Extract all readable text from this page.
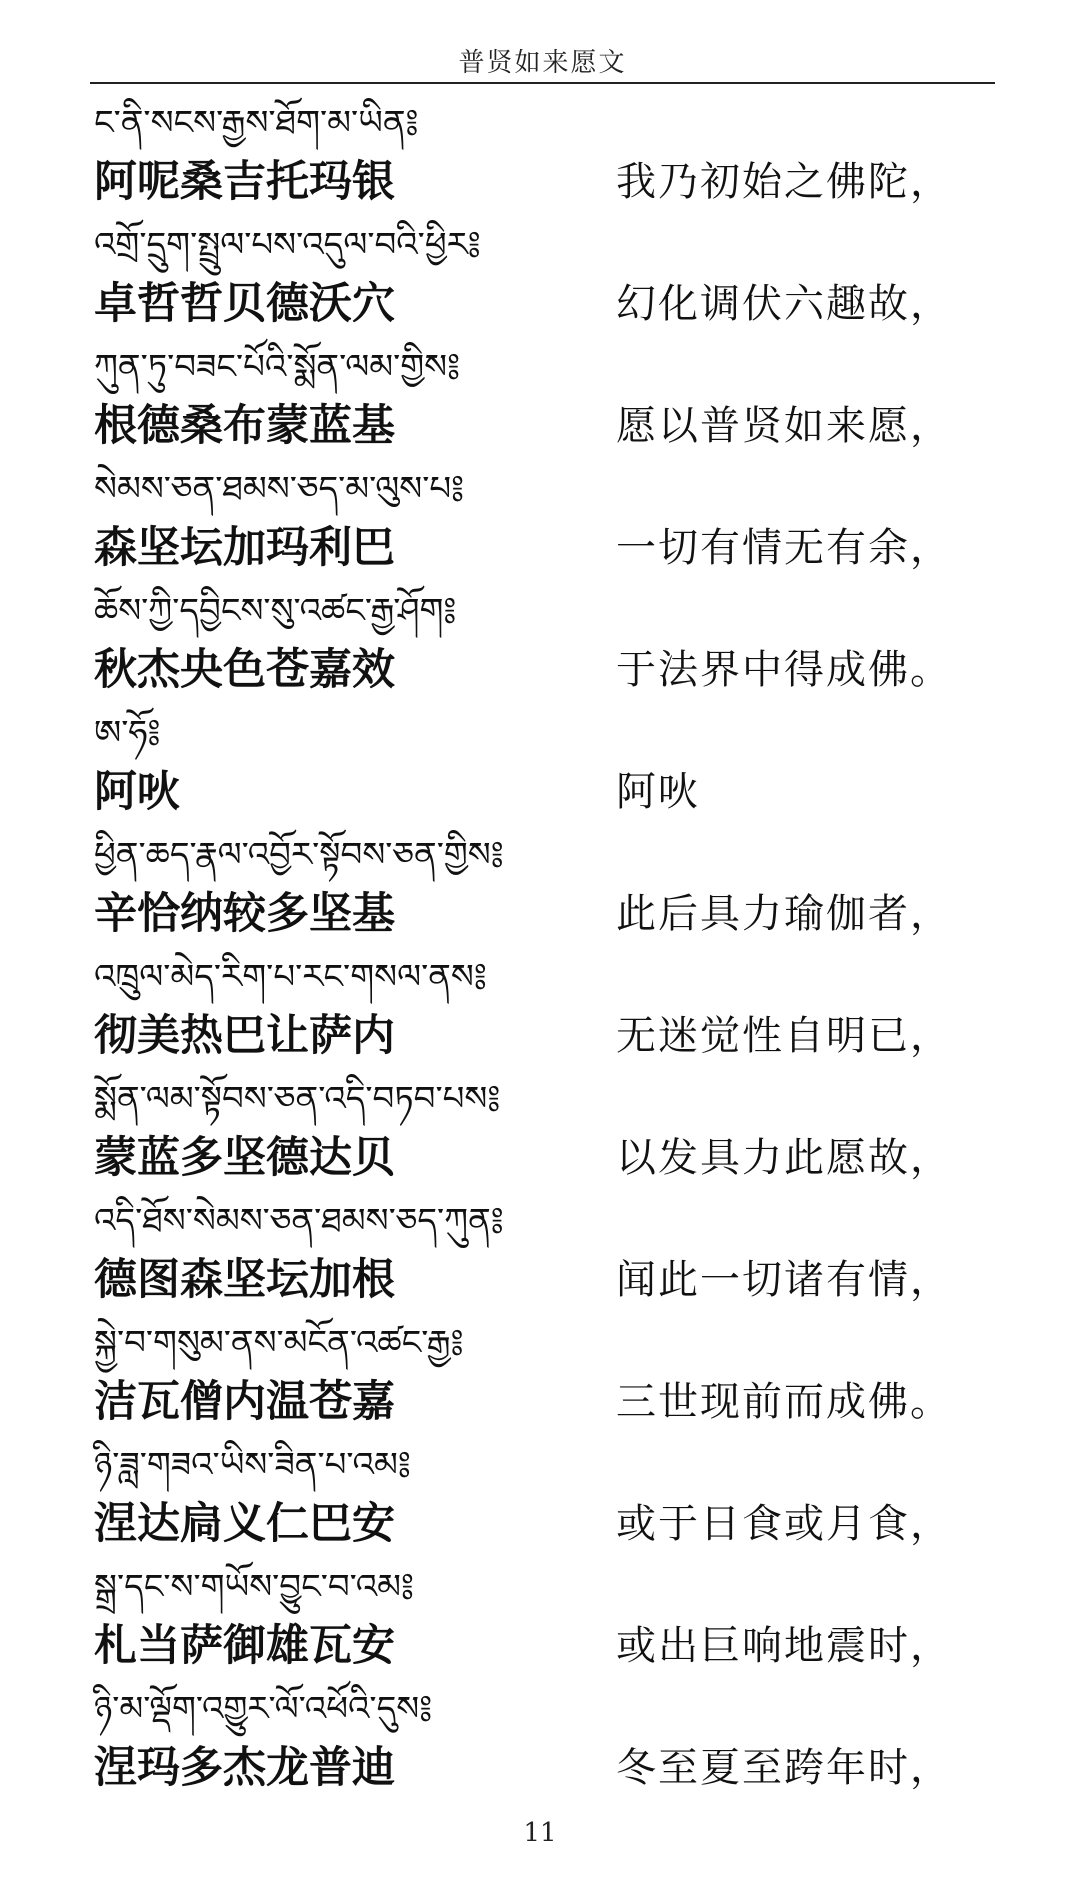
普贤如来愿文
ང་ནི་སངས་རྒྱས་ཐོག་མ་ཡིན༔
阿呢桑吉托玛银	我乃初始之佛陀，
འགྲོ་དྲུག་སྤྲུལ་པས་འདུལ་བའི་ཕྱིར༔
卓哲哲贝德沃穴	幻化调伏六趣故，
ཀུན་ཏུ་བཟང་པོའི་སྨོན་ལམ་གྱིས༔
根德桑布蒙蓝基	愿以普贤如来愿，
སེམས་ཅན་ཐམས་ཅད་མ་ལུས་པ༔
森坚坛加玛利巴	一切有情无有余，
ཆོས་ཀྱི་དབྱིངས་སུ་འཚང་རྒྱ་ཤོག༔
秋杰央色苍嘉效	于法界中得成佛。
ཨ་ཧོ༔
阿吙	阿吙
ཕྱིན་ཆད་རྣལ་འབྱོར་སྟོབས་ཅན་གྱིས༔
辛恰纳较多坚基	此后具力瑜伽者，
འཁྲུལ་མེད་རིག་པ་རང་གསལ་ནས༔
彻美热巴让萨内	无迷觉性自明已，
སྨོན་ལམ་སྟོབས་ཅན་འདི་བཏབ་པས༔
蒙蓝多坚德达贝	以发具力此愿故，
འདི་ཐོས་སེམས་ཅན་ཐམས་ཅད་ཀུན༔
德图森坚坛加根	闻此一切诸有情，
སྐྱེ་བ་གསུམ་ནས་མངོན་འཚང་རྒྱ༔
洁瓦僧内温苍嘉	三世现前而成佛。
ཉི་ཟླ་གཟའ་ཡིས་ཟིན་པ་འམ༔
涅达扃义仁巴安	或于日食或月食，
སྒྲ་དང་ས་གཡོས་བྱུང་བ་འམ༔
札当萨御雄瓦安	或出巨响地震时，
ཉི་མ་ལྡོག་འགྱུར་ལོ་འཕོའི་དུས༔
涅玛多杰龙普迪	冬至夏至跨年时，
11
